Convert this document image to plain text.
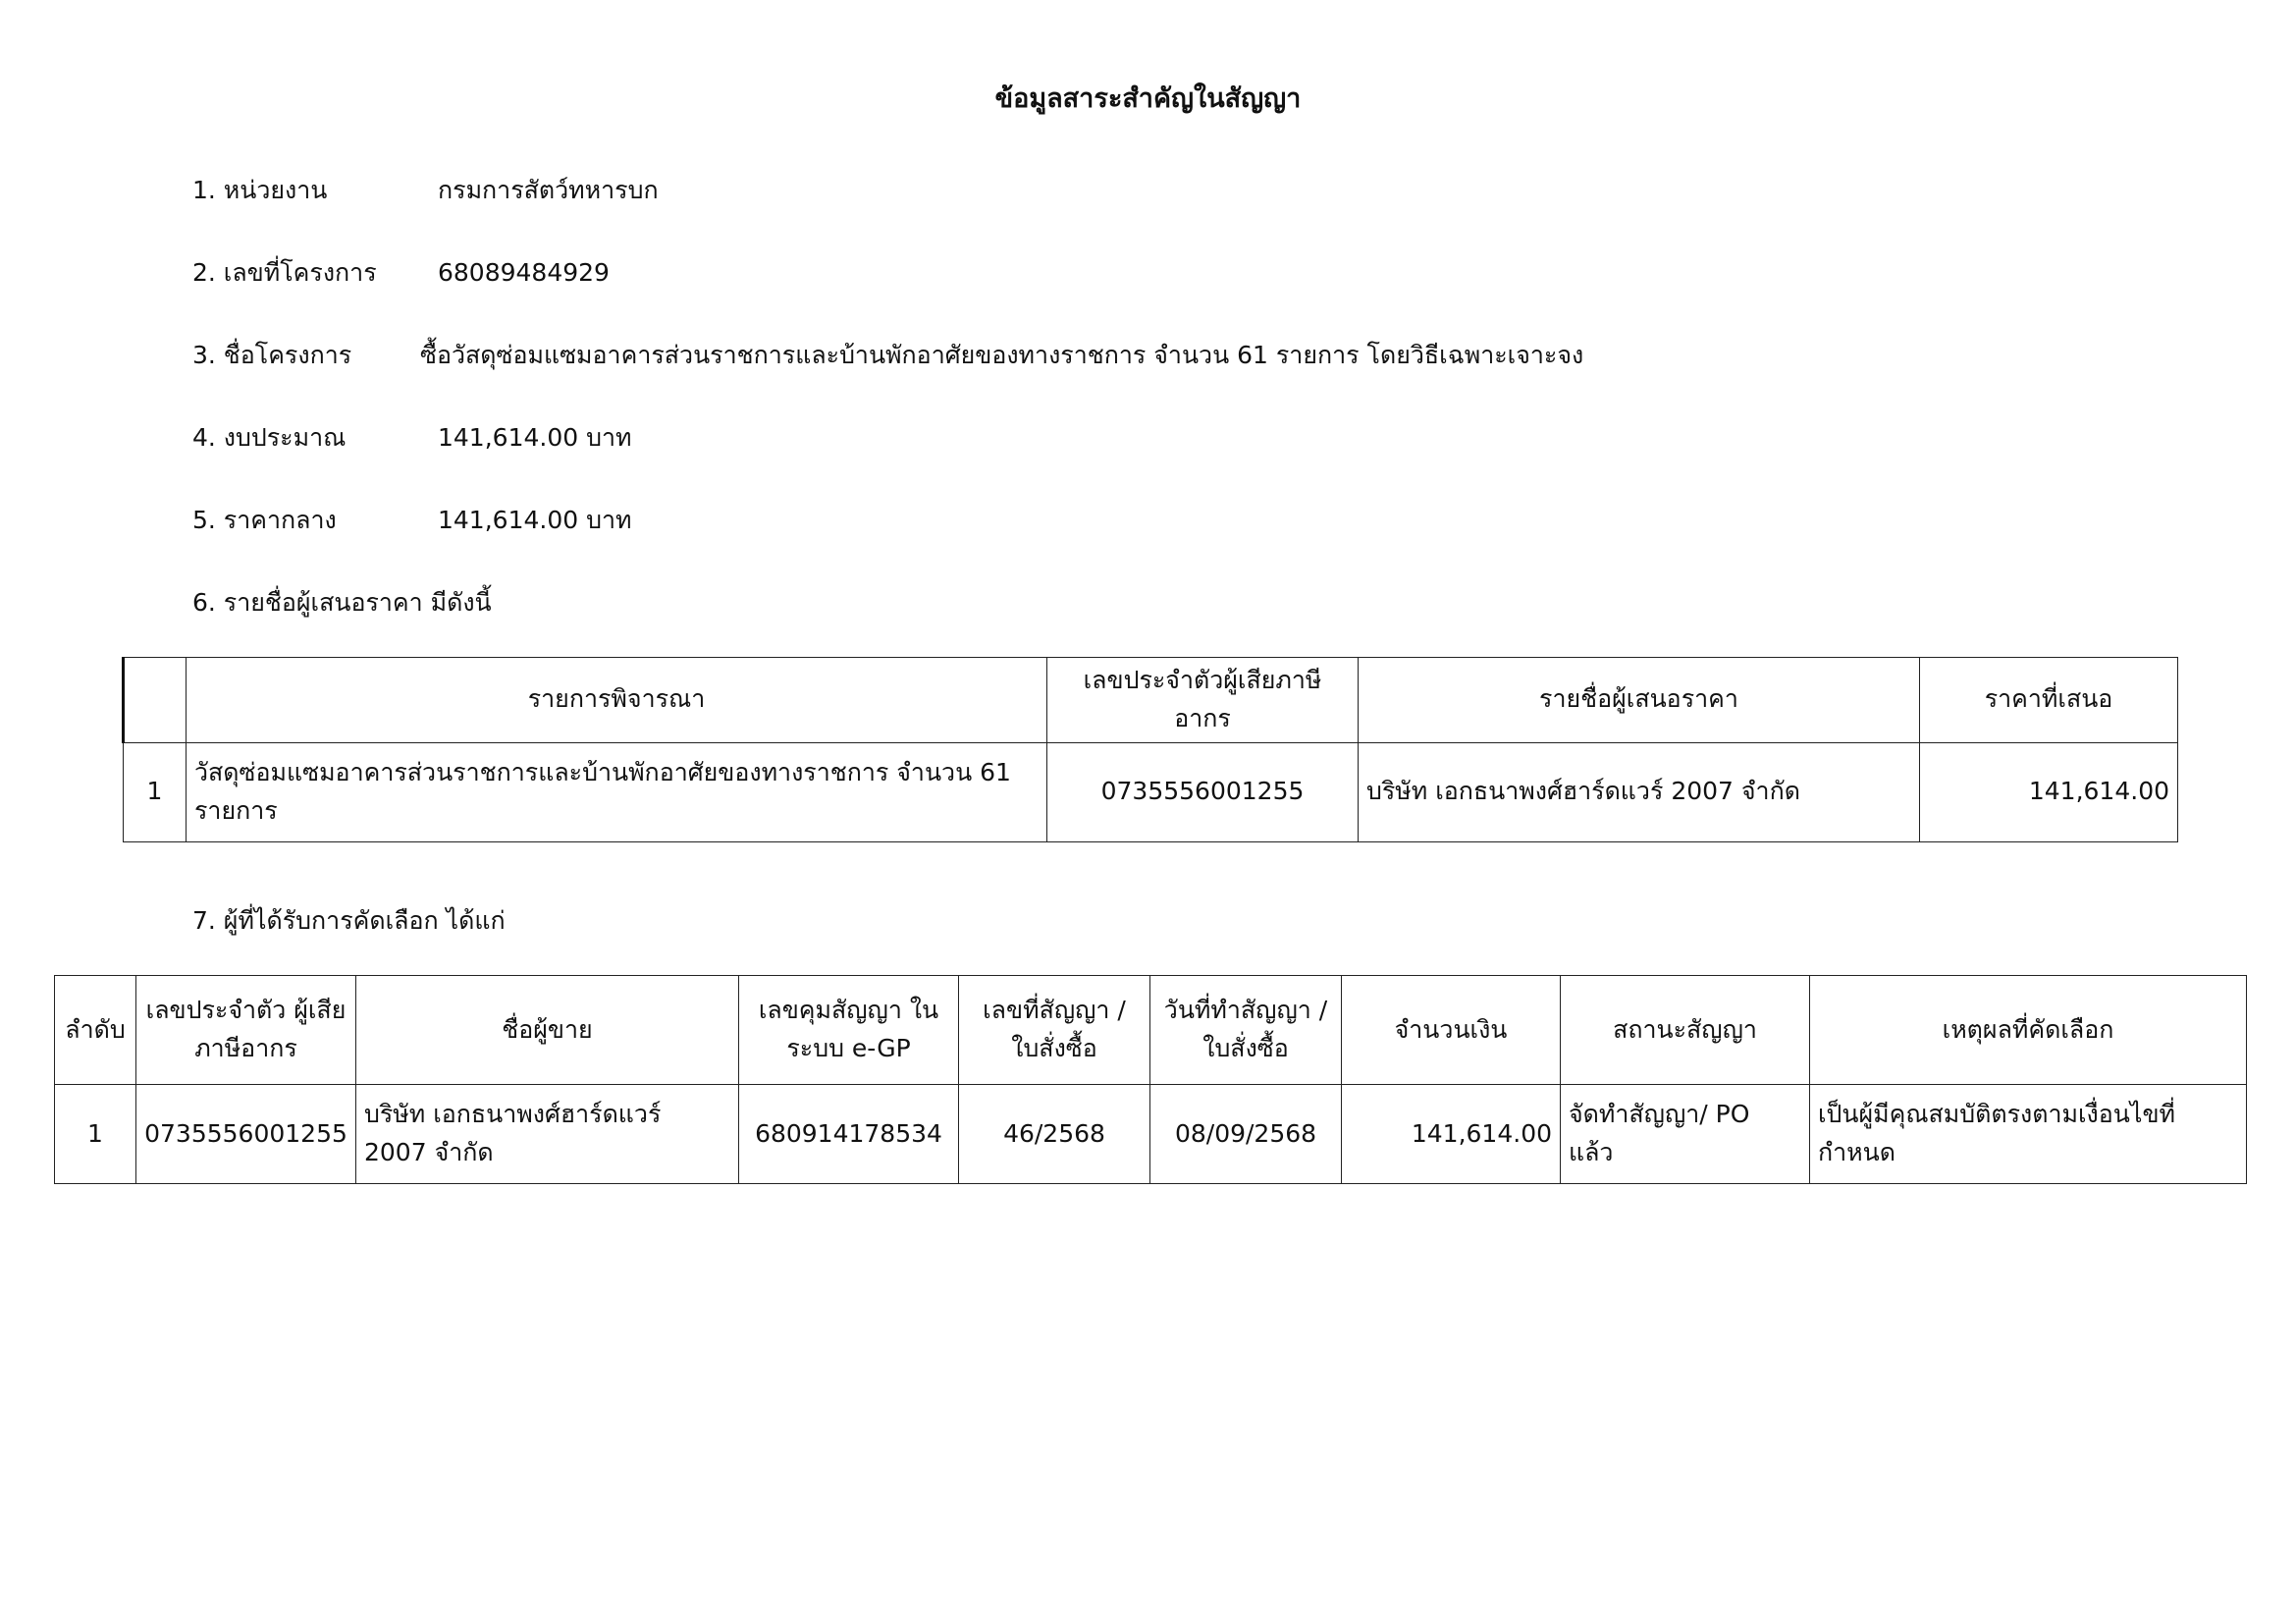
ข้อมูลสาระสำคัญในสัญญา
1. หน่วยงาน	กรมการสัตว์ทหารบก
2. เลขที่โครงการ 68089484929
3. ชื่อโครงการ	ซื้อวัสดุซ่อมแซมอาคารส่วนราชการและบ้านพักอาศัยของทางราชการ จำนวน 61 รายการ โดยวิธีเฉพาะเจาะจง
4. งบประมาณ	141,614.00 บาท
5. ราคากลาง	141,614.00 บาท
6. รายชื่อผู้เสนอราคา มีดังนี้
	รายการพิจารณา	เลขประจำตัวผู้เสียภาษีอากร	รายชื่อผู้เสนอราคา	ราคาที่เสนอ
1	วัสดุซ่อมแซมอาคารส่วนราชการและบ้านพักอาศัยของทางราชการ จำนวน 61 รายการ	0735556001255	บริษัท เอกธนาพงศ์ฮาร์ดแวร์ 2007 จำกัด	141,614.00
7. ผู้ที่ได้รับการคัดเลือก ได้แก่
ลำดับ	เลขประจำตัว ผู้เสียภาษีอากร	ชื่อผู้ขาย	เลขคุมสัญญา ในระบบ e-GP	เลขที่สัญญา / ใบสั่งซื้อ	วันที่ทำสัญญา / ใบสั่งซื้อ	จำนวนเงิน	สถานะสัญญา	เหตุผลที่คัดเลือก
1	0735556001255	บริษัท เอกธนาพงศ์ฮาร์ดแวร์ 2007 จำกัด	680914178534	46/2568	08/09/2568	141,614.00	จัดทำสัญญา/ PO แล้ว	เป็นผู้มีคุณสมบัติตรงตามเงื่อนไขที่กำหนด
